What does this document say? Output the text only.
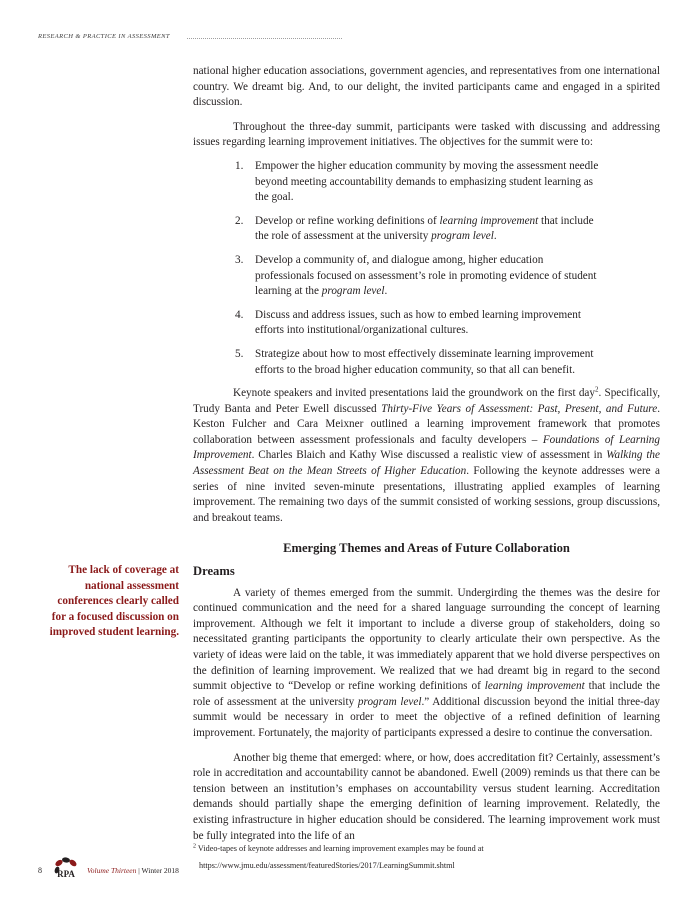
RESEARCH & PRACTICE IN ASSESSMENT

national higher education associations, government agencies, and representatives from one international country. We dreamt big. And, to our delight, the invited participants came and engaged in a spirited discussion.

Throughout the three-day summit, participants were tasked with discussing and addressing issues regarding learning improvement initiatives. The objectives for the summit were to:

1. Empower the higher education community by moving the assessment needle beyond meeting accountability demands to emphasizing student learning as the goal.
2. Develop or refine working definitions of learning improvement that include the role of assessment at the university program level.
3. Develop a community of, and dialogue among, higher education professionals focused on assessment’s role in promoting evidence of student learning at the program level.
4. Discuss and address issues, such as how to embed learning improvement efforts into institutional/organizational cultures.
5. Strategize about how to most effectively disseminate learning improvement efforts to the broad higher education community, so that all can benefit.

Keynote speakers and invited presentations laid the groundwork on the first day$^2$. Specifically, Trudy Banta and Peter Ewell discussed Thirty-Five Years of Assessment: Past, Present, and Future. Keston Fulcher and Cara Meixner outlined a learning improvement framework that promotes collaboration between assessment professionals and faculty developers – Foundations of Learning Improvement. Charles Blaich and Kathy Wise discussed a realistic view of assessment in Walking the Assessment Beat on the Mean Streets of Higher Education. Following the keynote addresses were a series of nine invited seven-minute presentations, illustrating applied examples of learning improvement. The remaining two days of the summit consisted of working sessions, group discussions, and breakout teams.

Emerging Themes and Areas of Future Collaboration

Dreams

A variety of themes emerged from the summit. Undergirding the themes was the desire for continued communication and the need for a shared language surrounding the concept of learning improvement. Although we felt it important to include a diverse group of stakeholders, doing so necessitated granting participants the opportunity to clearly articulate their own perspective. As the variety of ideas were laid on the table, it was immediately apparent that we hold diverse perspectives on the definition of learning improvement. We realized that we had dreamt big in regard to the second summit objective to “Develop or refine working definitions of learning improvement that include the role of assessment at the university program level.” Additional discussion beyond the initial three-day summit would be necessary in order to meet the objective of a refined definition of learning improvement. Fortunately, the majority of participants expressed a desire to continue the conversation.

Another big theme that emerged: where, or how, does accreditation fit? Certainly, assessment’s role in accreditation and accountability cannot be abandoned. Ewell (2009) reminds us that there can be tension between an institution’s emphases on accountability versus student learning. Accreditation demands should partially shape the emerging definition of learning improvement. Relatedly, the existing infrastructure in higher education should be considered. The learning improvement work must be fully integrated into the life of an

The lack of coverage at national assessment conferences clearly called for a focused discussion on improved student learning.
$^2$ Video-tapes of keynote addresses and learning improvement examples may be found at
https://www.jmu.edu/assessment/featuredStories/2017/LearningSummit.shtml
8 RPA Volume Thirteen | Winter 2018
